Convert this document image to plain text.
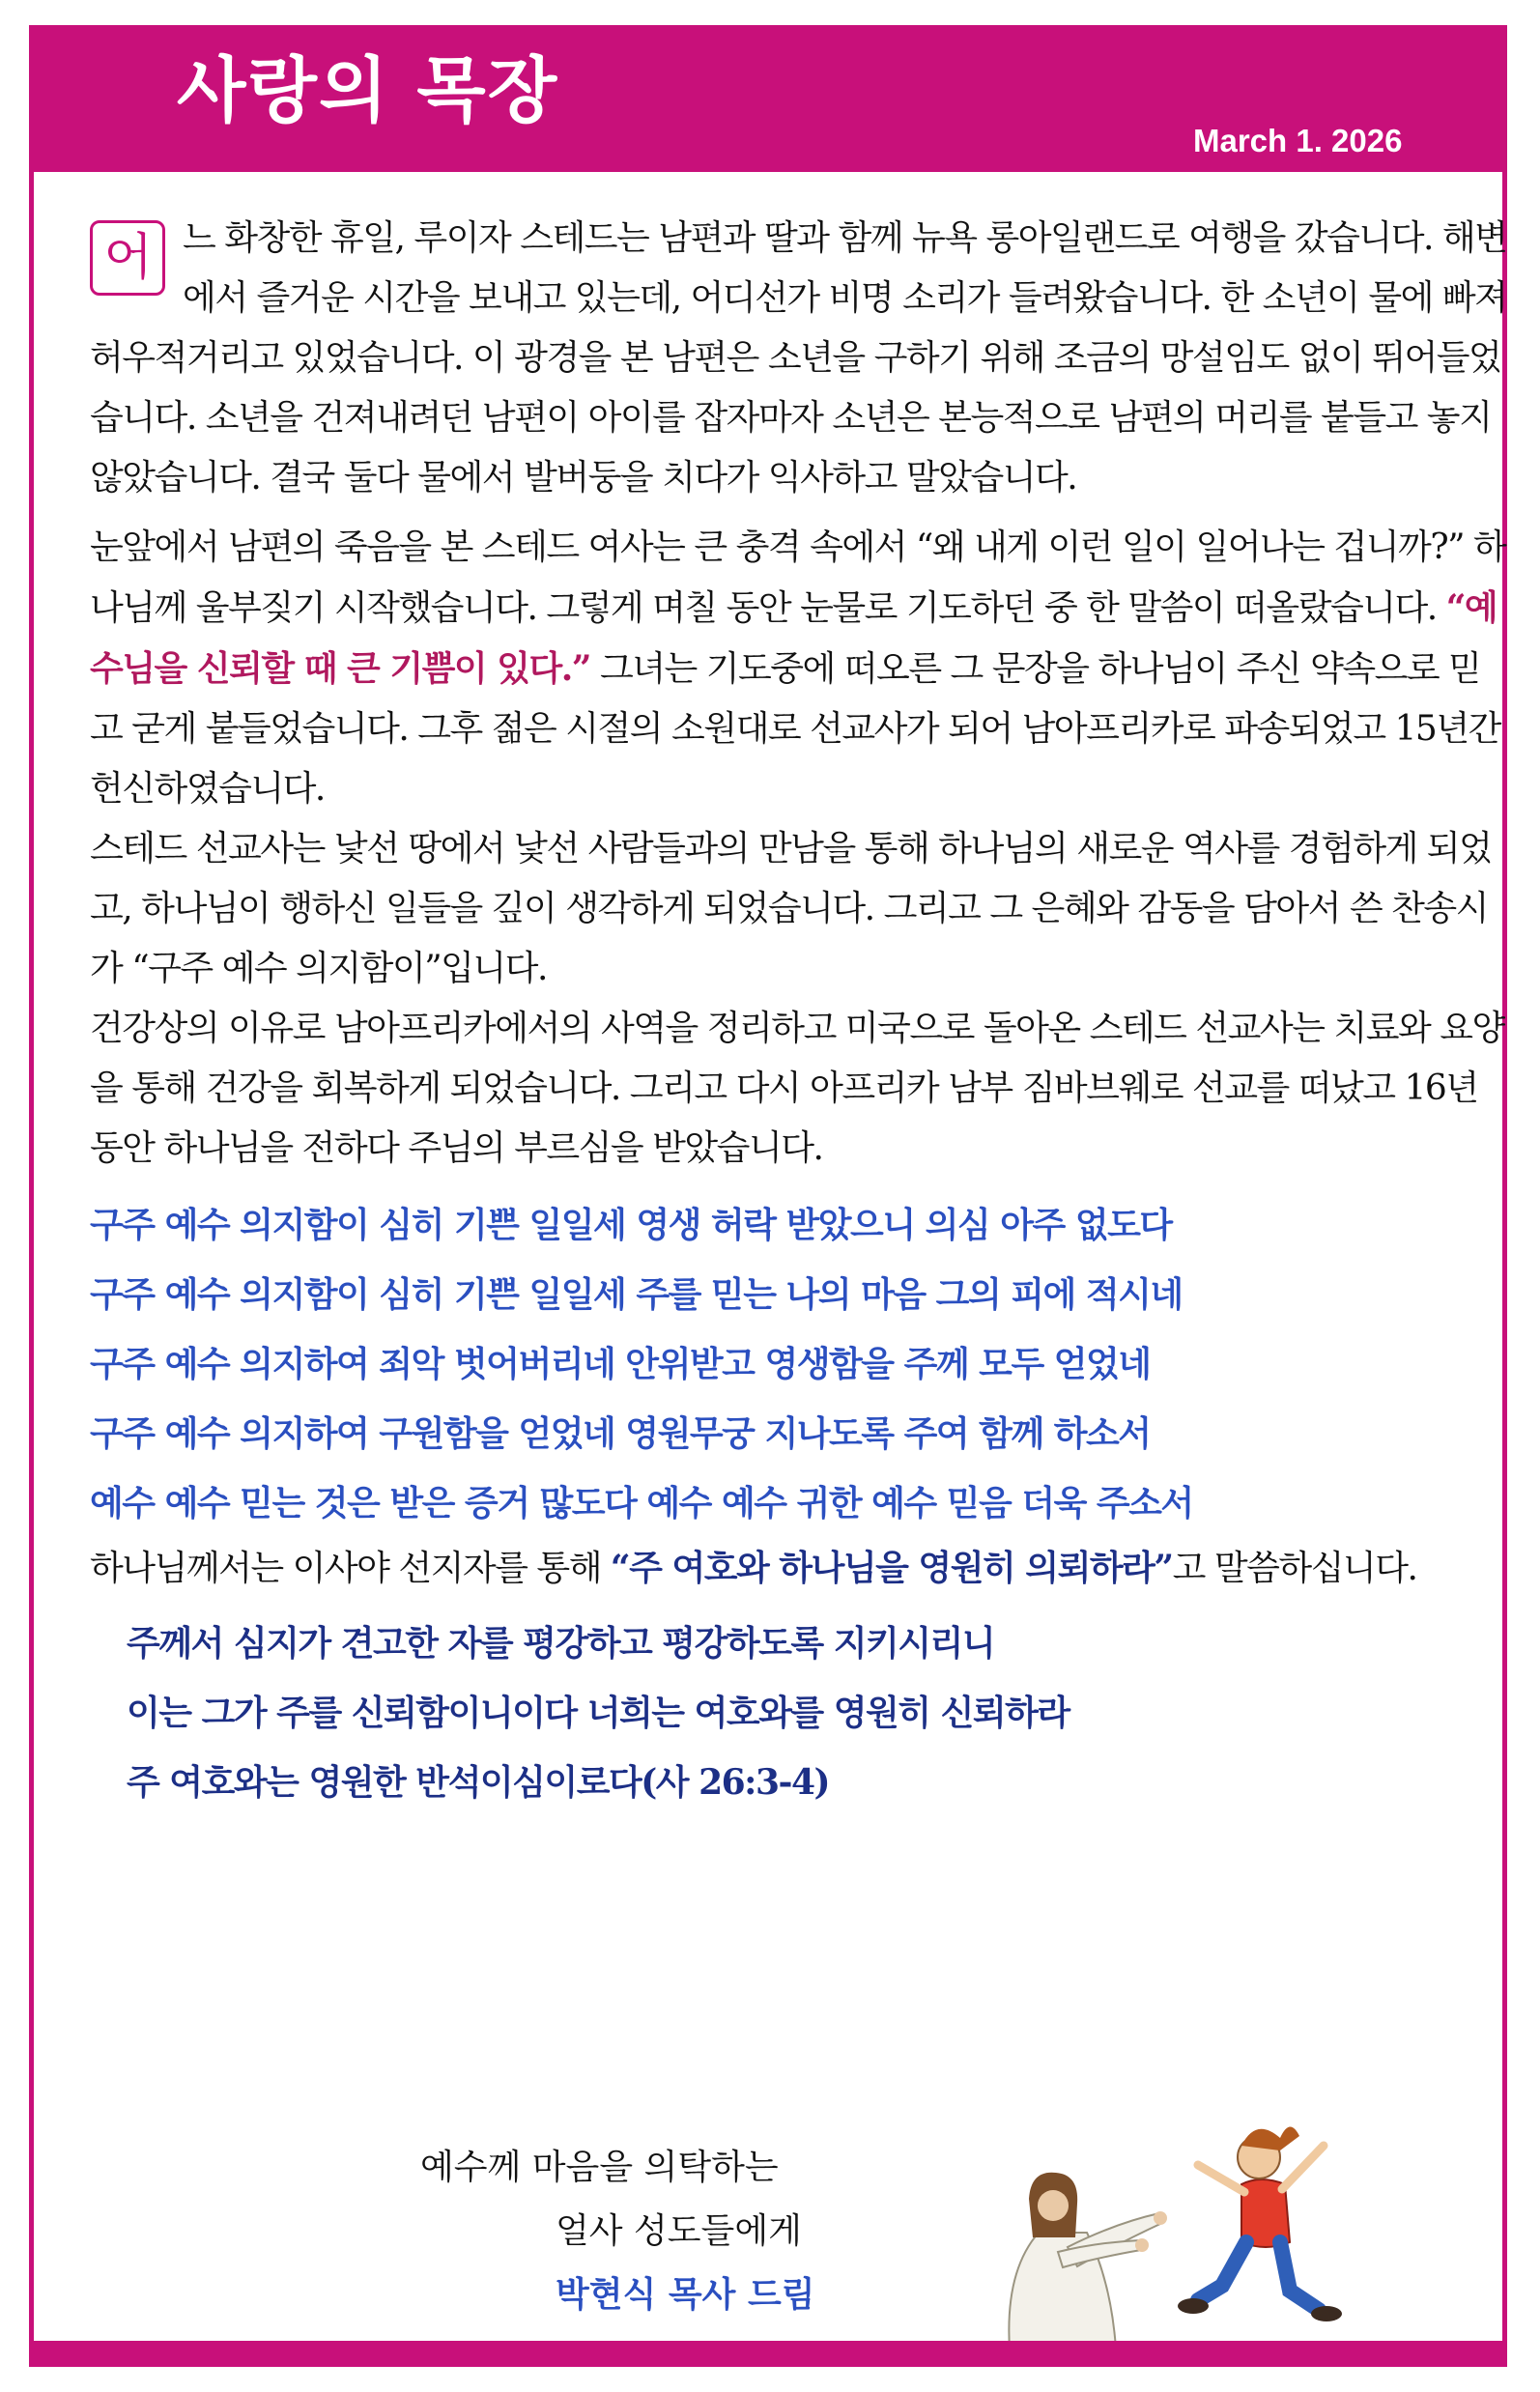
사랑의 목장
March 1. 2026

어 느 화창한 휴일, 루이자 스테드는 남편과 딸과 함께 뉴욕 롱아일랜드로 여행을 갔습니다. 해변에서 즐거운 시간을 보내고 있는데, 어디선가 비명 소리가 들려왔습니다. 한 소년이 물에 빠져 허우적거리고 있었습니다. 이 광경을 본 남편은 소년을 구하기 위해 조금의 망설임도 없이 뛰어들었습니다. 소년을 건져내려던 남편이 아이를 잡자마자 소년은 본능적으로 남편의 머리를 붙들고 놓지 않았습니다. 결국 둘다 물에서 발버둥을 치다가 익사하고 말았습니다.

눈앞에서 남편의 죽음을 본 스테드 여사는 큰 충격 속에서 “왜 내게 이런 일이 일어나는 겁니까?” 하나님께 울부짖기 시작했습니다. 그렇게 며칠 동안 눈물로 기도하던 중 한 말씀이 떠올랐습니다. “예수님을 신뢰할 때 큰 기쁨이 있다.” 그녀는 기도중에 떠오른 그 문장을 하나님이 주신 약속으로 믿고 굳게 붙들었습니다. 그후 젊은 시절의 소원대로 선교사가 되어 남아프리카로 파송되었고 15년간 헌신하였습니다.

스테드 선교사는 낯선 땅에서 낯선 사람들과의 만남을 통해 하나님의 새로운 역사를 경험하게 되었고, 하나님이 행하신 일들을 깊이 생각하게 되었습니다. 그리고 그 은혜와 감동을 담아서 쓴 찬송시가 “구주 예수 의지함이”입니다.

건강상의 이유로 남아프리카에서의 사역을 정리하고 미국으로 돌아온 스테드 선교사는 치료와 요양을 통해 건강을 회복하게 되었습니다. 그리고 다시 아프리카 남부 짐바브웨로 선교를 떠났고 16년 동안 하나님을 전하다 주님의 부르심을 받았습니다.

구주 예수 의지함이 심히 기쁜 일일세 영생 허락 받았으니 의심 아주 없도다
구주 예수 의지함이 심히 기쁜 일일세 주를 믿는 나의 마음 그의 피에 적시네
구주 예수 의지하여 죄악 벗어버리네 안위받고 영생함을 주께 모두 얻었네
구주 예수 의지하여 구원함을 얻었네 영원무궁 지나도록 주여 함께 하소서
예수 예수 믿는 것은 받은 증거 많도다 예수 예수 귀한 예수 믿음 더욱 주소서

하나님께서는 이사야 선지자를 통해 “주 여호와 하나님을 영원히 의뢰하라”고 말씀하십니다.

주께서 심지가 견고한 자를 평강하고 평강하도록 지키시리니
이는 그가 주를 신뢰함이니이다 너희는 여호와를 영원히 신뢰하라
주 여호와는 영원한 반석이심이로다(사 26:3-4)
예수께 마음을 의탁하는
얼사 성도들에게
박현식 목사 드림
